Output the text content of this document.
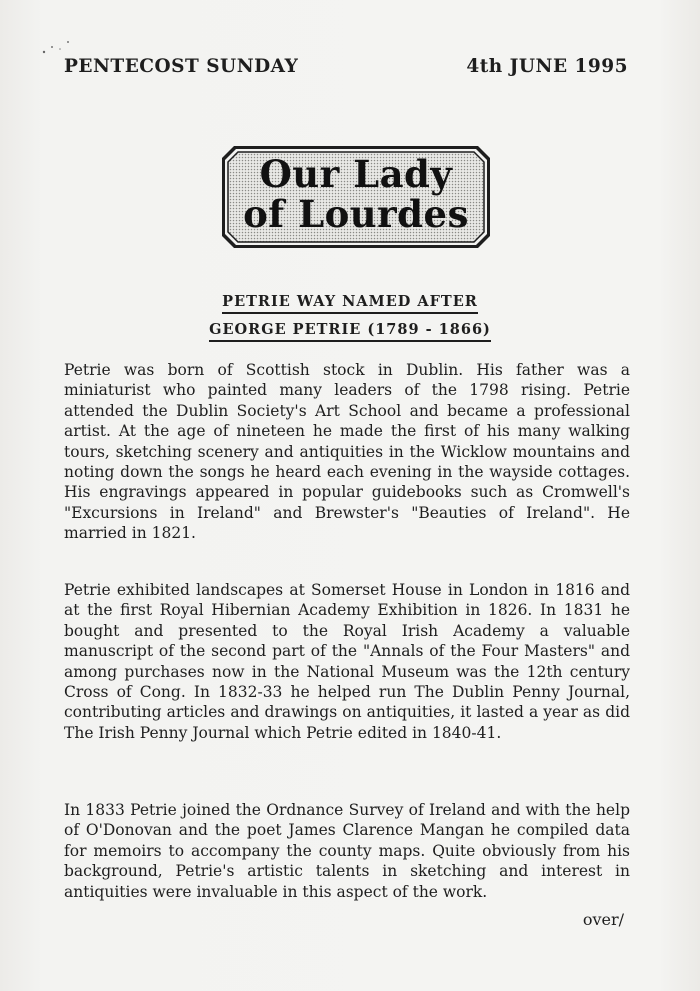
PENTECOST SUNDAY	4th JUNE 1995
Our Lady
of Lourdes
PETRIE WAY NAMED AFTER
GEORGE PETRIE (1789 - 1866)
Petrie was born of Scottish stock in Dublin. His father was a miniaturist who painted many leaders of the 1798 rising. Petrie attended the Dublin Society's Art School and became a professional artist. At the age of nineteen he made the first of his many walking tours, sketching scenery and antiquities in the Wicklow mountains and noting down the songs he heard each evening in the wayside cottages. His engravings appeared in popular guidebooks such as Cromwell's "Excursions in Ireland" and Brewster's "Beauties of Ireland". He married in 1821.
Petrie exhibited landscapes at Somerset House in London in 1816 and at the first Royal Hibernian Academy Exhibition in 1826. In 1831 he bought and presented to the Royal Irish Academy a valuable manuscript of the second part of the "Annals of the Four Masters" and among purchases now in the National Museum was the 12th century Cross of Cong. In 1832-33 he helped run The Dublin Penny Journal, contributing articles and drawings on antiquities, it lasted a year as did The Irish Penny Journal which Petrie edited in 1840-41.
In 1833 Petrie joined the Ordnance Survey of Ireland and with the help of O'Donovan and the poet James Clarence Mangan he compiled data for memoirs to accompany the county maps. Quite obviously from his background, Petrie's artistic talents in sketching and interest in antiquities were invaluable in this aspect of the work.
over/
